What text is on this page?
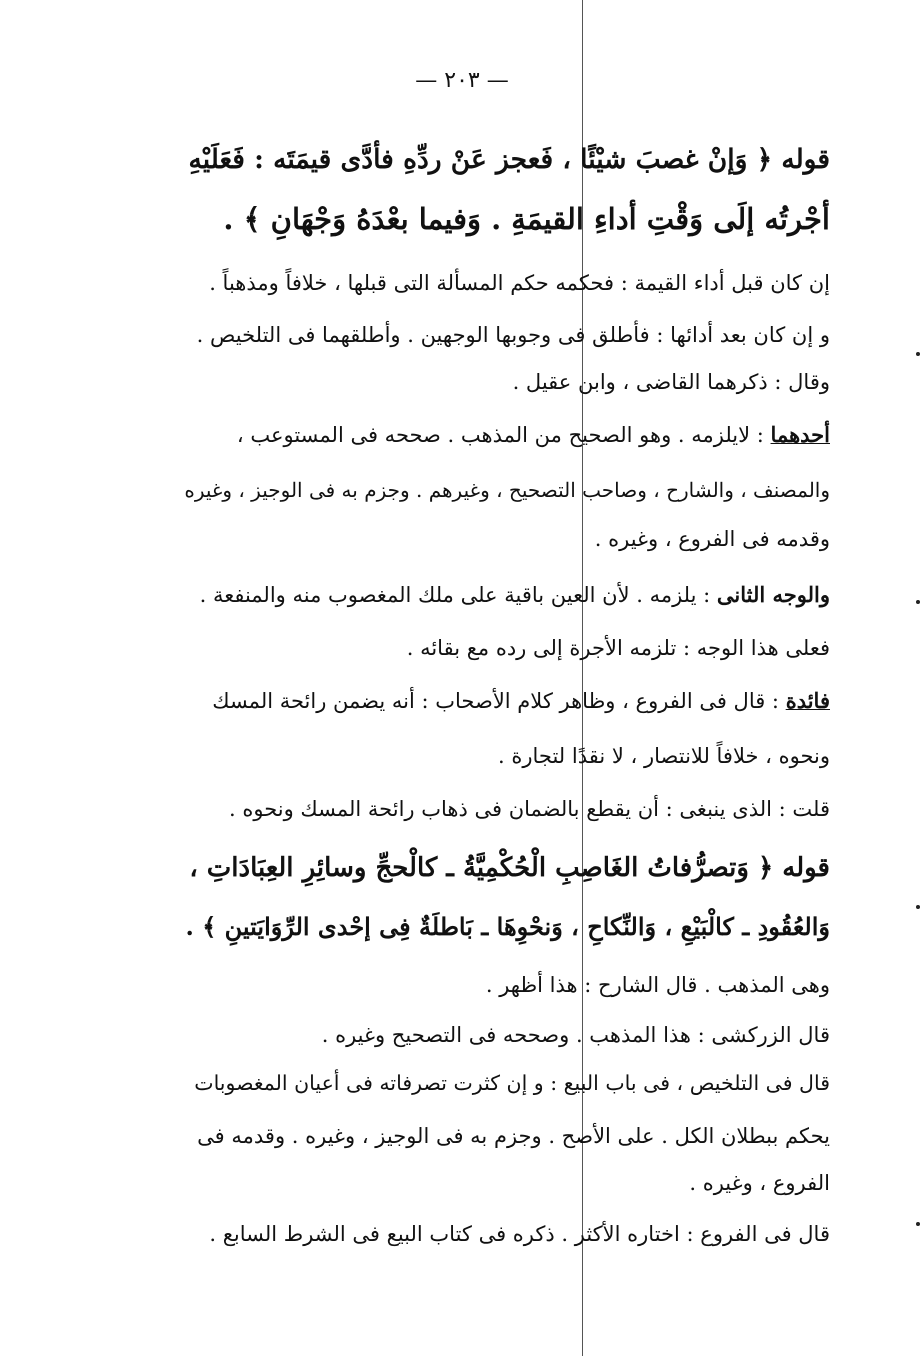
— ٢٠٣ —
قوله ﴿ وَإنْ غصبَ شيْئًا ، فَعجز عَنْ ردِّهِ فأدَّى قيمَتَه : فَعَلَيْهِ
أجْرتُه إلَى وَقْتِ أداءِ القيمَةِ . وَفيما بعْدَهُ وَجْهَانِ ﴾ .
إن كان قبل أداء القيمة : فحكمه حكم المسألة التى قبلها ، خلافاً ومذهباً .
و إن كان بعد أدائها : فأطلق فى وجوبها الوجهين . وأطلقهما فى التلخيص .
وقال : ذكرهما القاضى ، وابن عقيل .
أحدهما : لايلزمه . وهو الصحيح من المذهب . صححه فى المستوعب ،
والمصنف ، والشارح ، وصاحب التصحيح ، وغيرهم . وجزم به فى الوجيز ، وغيره
وقدمه فى الفروع ، وغيره .
والوجه الثانى : يلزمه . لأن العين باقية على ملك المغصوب منه والمنفعة .
فعلى هذا الوجه : تلزمه الأجرة إلى رده مع بقائه .
فائدة : قال فى الفروع ، وظاهر كلام الأصحاب : أنه يضمن رائحة المسك
ونحوه ، خلافاً للانتصار ، لا نقدًا لتجارة .
قلت : الذى ينبغى : أن يقطع بالضمان فى ذهاب رائحة المسك ونحوه .
قوله ﴿ وَتصرُّفاتُ الغَاصِبِ الْحُكْمِيَّةُ ـ كالْحجِّ وسائِرِ العِبَادَاتِ ،
وَالعُقُودِ ـ كالْبَيْعِ ، وَالنِّكاحِ ، وَنحْوِهَا ـ بَاطلَةٌ فِى إحْدى الرِّوَايَتينِ ﴾ .
وهى المذهب . قال الشارح : هذا أظهر .
قال الزركشى : هذا المذهب . وصححه فى التصحيح وغيره .
قال فى التلخيص ، فى باب البيع : و إن كثرت تصرفاته فى أعيان المغصوبات
يحكم ببطلان الكل . على الأصح . وجزم به فى الوجيز ، وغيره . وقدمه فى
الفروع ، وغيره .
قال فى الفروع : اختاره الأكثر . ذكره فى كتاب البيع فى الشرط السابع .
